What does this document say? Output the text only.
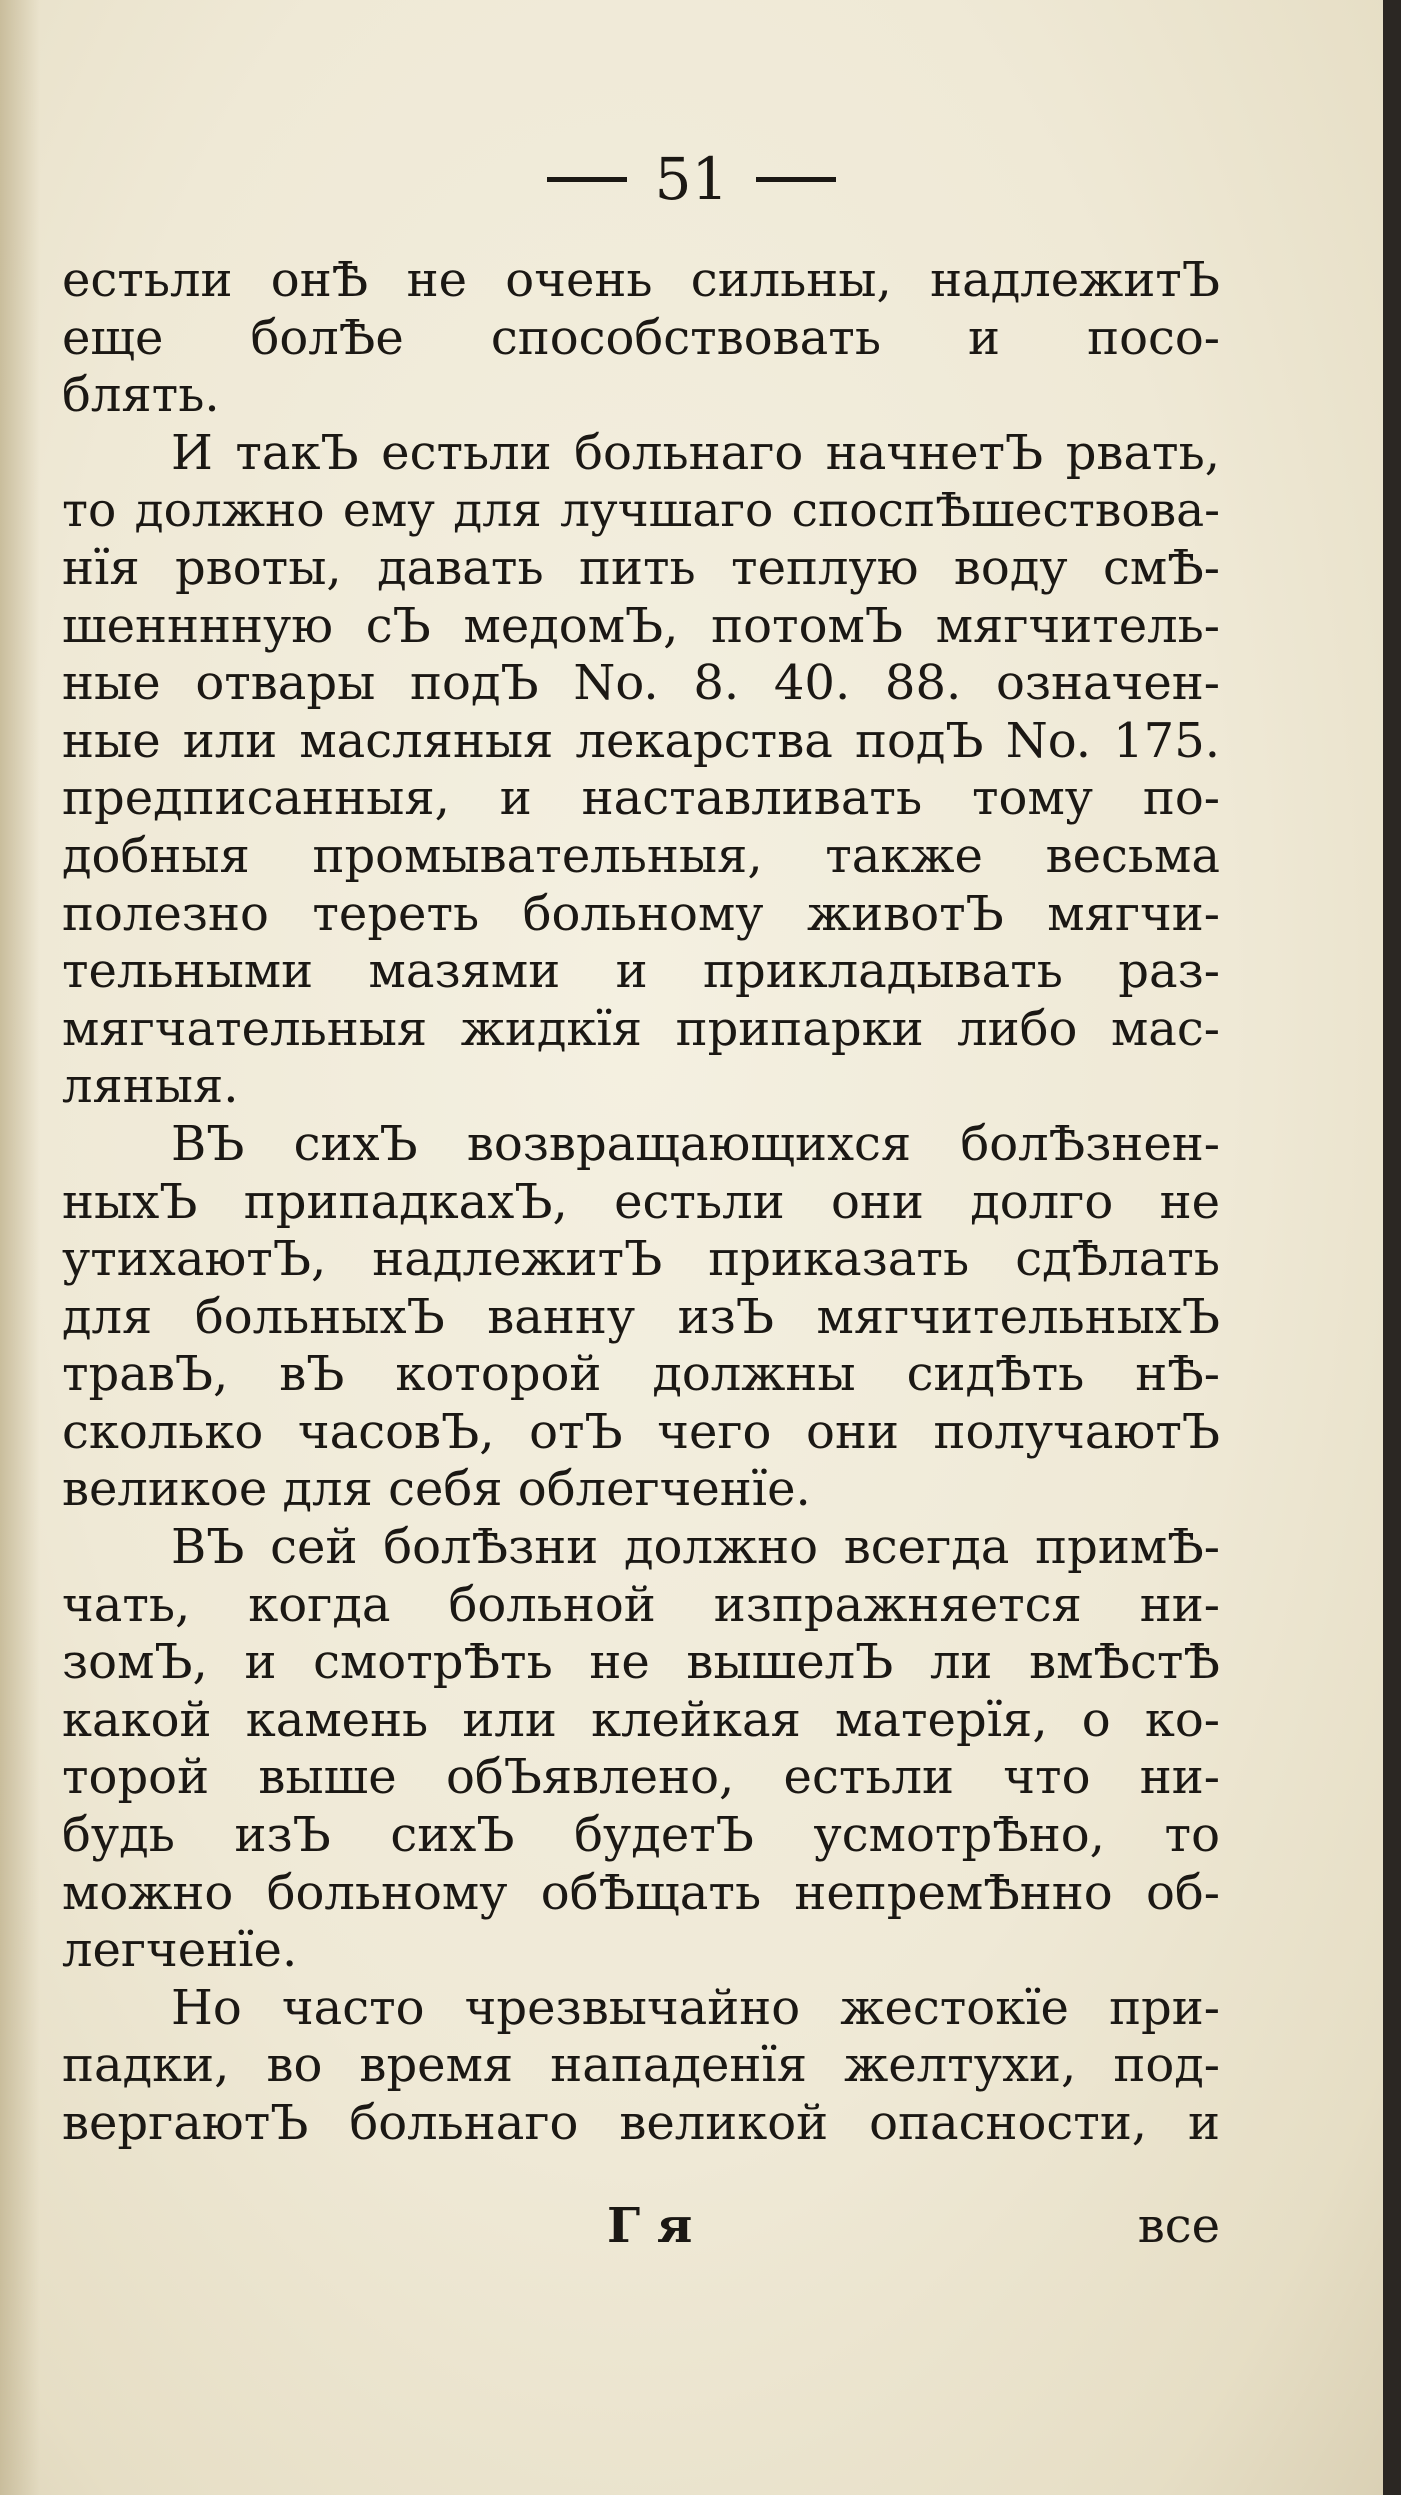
51
естьли онѢ не очень сильны, надлежитЪ
еще болѢе способствовать и посо-
блять.
И такЪ естьли больнаго начнетЪ рвать,
то должно ему для лучшаго споспѢшествова-
нїя рвоты, давать пить теплую воду смѢ-
шенннную сЪ медомЪ, потомЪ мягчитель-
ные отвары подЪ No. 8. 40. 88. означен-
ные или масляныя лекарства подЪ No. 175.
предписанныя, и наставливать тому по-
добныя промывательныя, также весьма
полезно тереть больному животЪ мягчи-
тельными мазями и прикладывать раз-
мягчательныя жидкїя припарки либо мас-
ляныя.
ВЪ сихЪ возвращающихся болѢзнен-
ныхЪ припадкахЪ, естьли они долго не
утихаютЪ, надлежитЪ приказать сдѢлать
для больныхЪ ванну изЪ мягчительныхЪ
травЪ, вЪ которой должны сидѢть нѢ-
сколько часовЪ, отЪ чего они получаютЪ
великое для себя облегченїе.
ВЪ сей болѢзни должно всегда примѢ-
чать, когда больной изпражняется ни-
зомЪ, и смотрѢть не вышелЪ ли вмѢстѢ
какой камень или клейкая матерїя, о ко-
торой выше обЪявлено, естьли что ни-
будь изЪ сихЪ будетЪ усмотрѢно, то
можно больному обѢщать непремѢнно об-
легченїе.
Но часто чрезвычайно жестокїе при-
падки, во время нападенїя желтухи, под-
вергаютЪ больнаго великой опасности, и
Г я	все
